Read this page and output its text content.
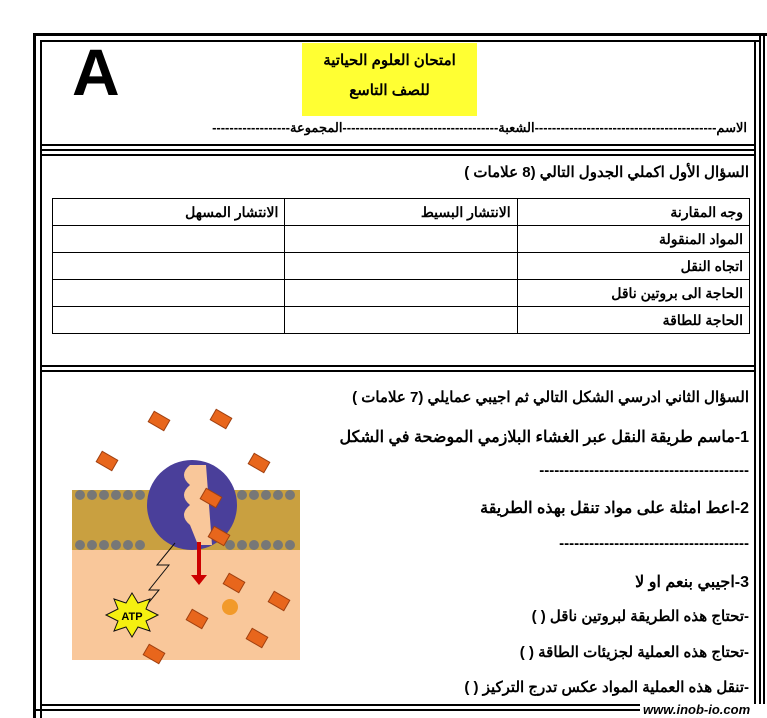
A	امتحان العلوم الحياتية
للصف التاسع
الاسم------------------------------------------الشعبة------------------------------------المجموعة------------------
السؤال الأول اكملي الجدول التالي (8 علامات )
وجه المقارنة	الانتشار البسيط	الانتشار المسهل
المواد المنقولة		
اتجاه النقل		
الحاجة الى بروتين ناقل		
الحاجة للطاقة		
السؤال الثاني ادرسي الشكل التالي ثم اجيبي عمايلي (7 علامات )
1-ماسم طريقة النقل عبر الغشاء البلازمي الموضحة في الشكل
------------------------------------------
2-اعط امثلة على مواد تنقل بهذه الطريقة
--------------------------------------
3-اجيبي بنعم او لا
-تحتاج هذه الطريقة لبروتين ناقل ( )
-تحتاج هذه العملية لجزيئات الطاقة ( )
-تنقل هذه العملية المواد عكس تدرج التركيز ( )
ATP
www.inob-io.com
